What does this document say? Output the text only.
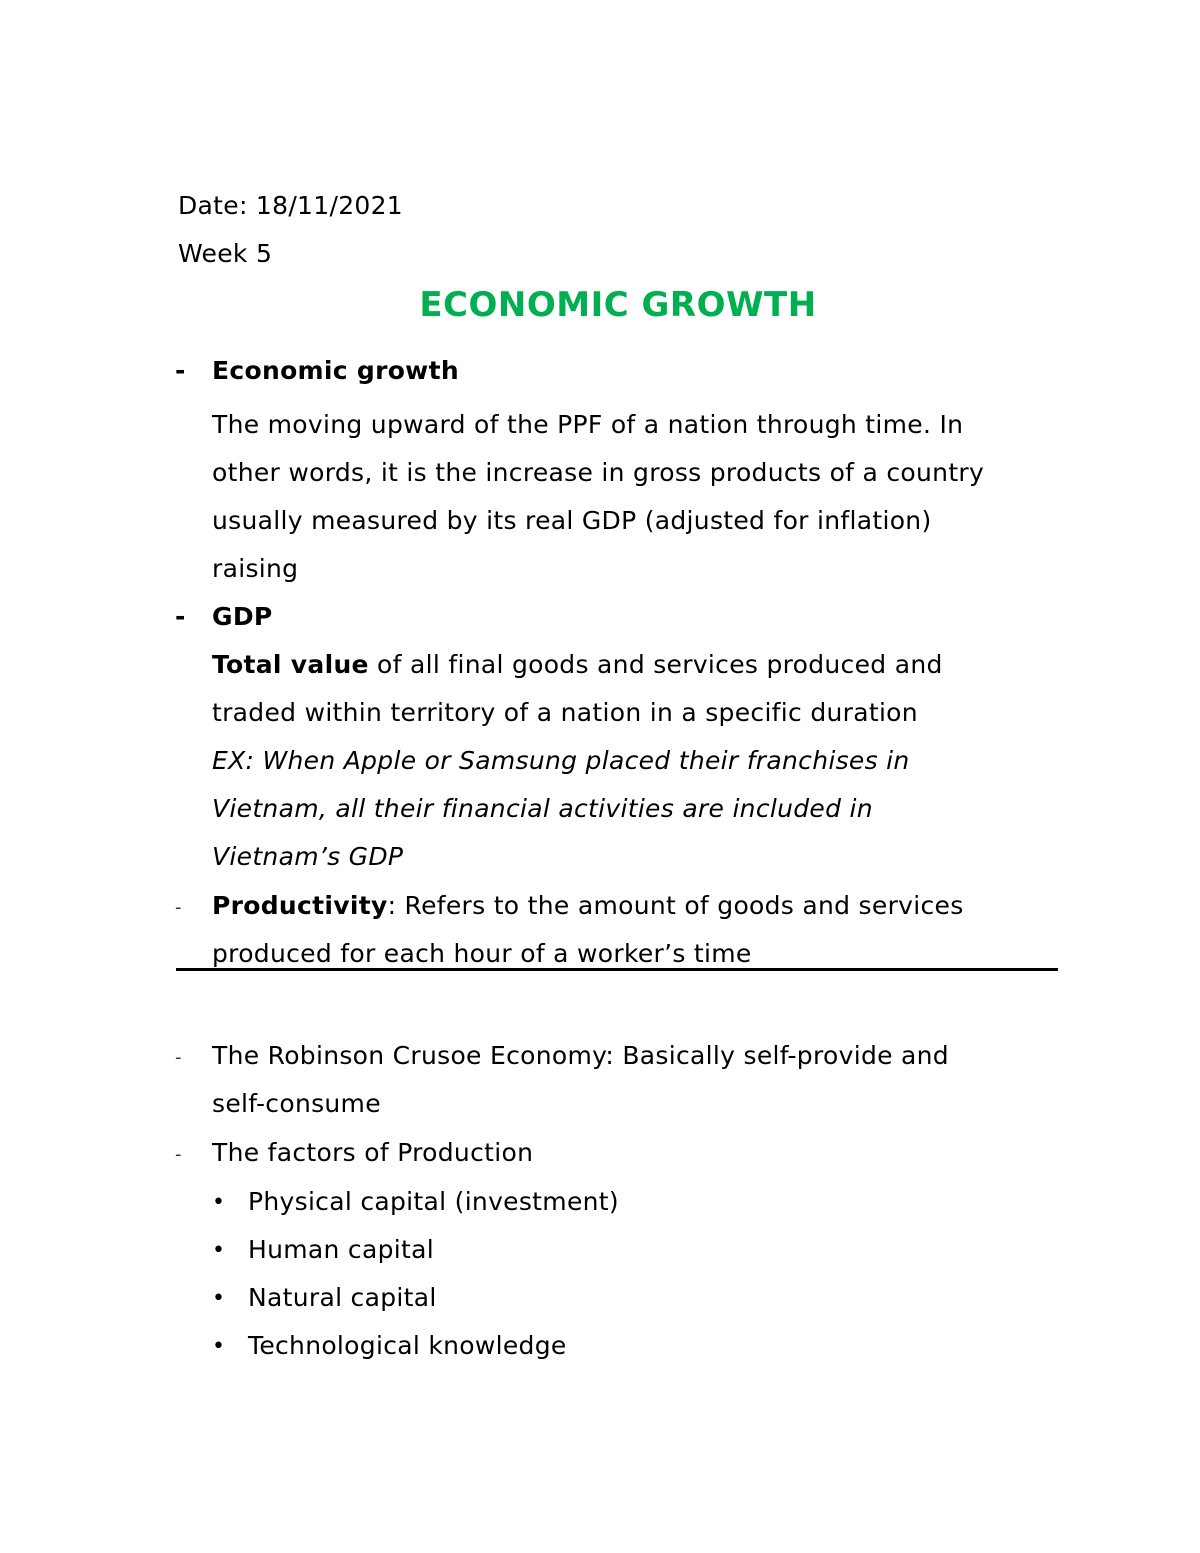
Date: 18/11/2021
Week 5
ECONOMIC GROWTH
- Economic growth
The moving upward of the PPF of a nation through time. In
other words, it is the increase in gross products of a country
usually measured by its real GDP (adjusted for inflation)
raising
- GDP
Total value of all final goods and services produced and
traded within territory of a nation in a specific duration
EX: When Apple or Samsung placed their franchises in
Vietnam, all their financial activities are included in
Vietnam’s GDP
- Productivity: Refers to the amount of goods and services
produced for each hour of a worker’s time
- The Robinson Crusoe Economy: Basically self-provide and
self-consume
- The factors of Production
• Physical capital (investment)
• Human capital
• Natural capital
• Technological knowledge
